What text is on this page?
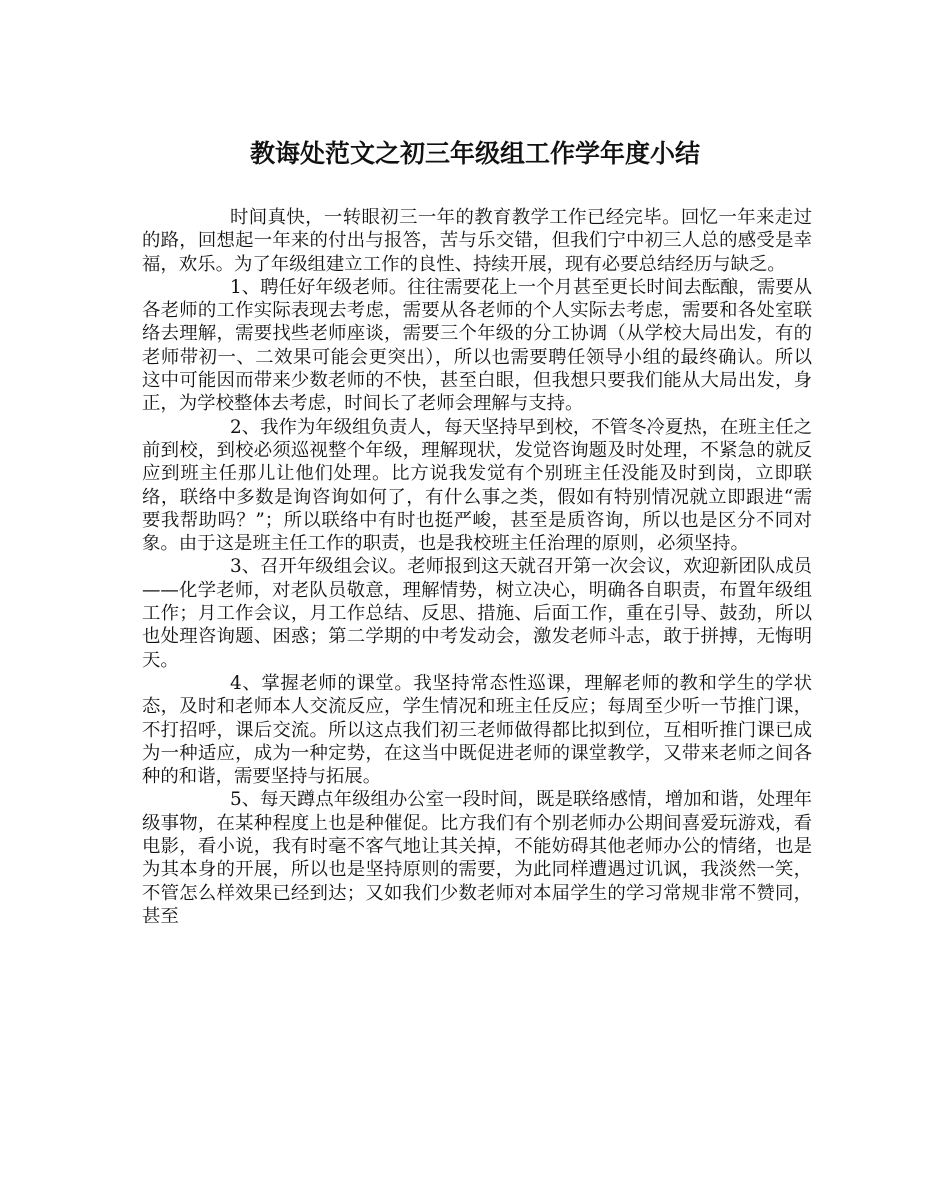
教诲处范文之初三年级组工作学年度小结

时间真快，一转眼初三一年的教育教学工作已经完毕。回忆一年来走过的路，回想起一年来的付出与报答，苦与乐交错，但我们宁中初三人总的感受是幸福，欢乐。为了年级组建立工作的良性、持续开展，现有必要总结经历与缺乏。

1、聘任好年级老师。往往需要花上一个月甚至更长时间去酝酿，需要从各老师的工作实际表现去考虑，需要从各老师的个人实际去考虑，需要和各处室联络去理解，需要找些老师座谈，需要三个年级的分工协调（从学校大局出发，有的老师带初一、二效果可能会更突出），所以也需要聘任领导小组的最终确认。所以这中可能因而带来少数老师的不快，甚至白眼，但我想只要我们能从大局出发，身正，为学校整体去考虑，时间长了老师会理解与支持。

2、我作为年级组负责人，每天坚持早到校，不管冬冷夏热，在班主任之前到校，到校必须巡视整个年级，理解现状，发觉咨询题及时处理，不紧急的就反应到班主任那儿让他们处理。比方说我发觉有个别班主任没能及时到岗，立即联络，联络中多数是询咨询如何了，有什么事之类，假如有特别情况就立即跟进“需要我帮助吗？”；所以联络中有时也挺严峻，甚至是质咨询，所以也是区分不同对象。由于这是班主任工作的职责，也是我校班主任治理的原则，必须坚持。

3、召开年级组会议。老师报到这天就召开第一次会议，欢迎新团队成员——化学老师，对老队员敬意，理解情势，树立决心，明确各自职责，布置年级组工作；月工作会议，月工作总结、反思、措施、后面工作，重在引导、鼓劲，所以也处理咨询题、困惑；第二学期的中考发动会，激发老师斗志，敢于拼搏，无悔明天。

4、掌握老师的课堂。我坚持常态性巡课，理解老师的教和学生的学状态，及时和老师本人交流反应，学生情况和班主任反应；每周至少听一节推门课，不打招呼，课后交流。所以这点我们初三老师做得都比拟到位，互相听推门课已成为一种适应，成为一种定势，在这当中既促进老师的课堂教学，又带来老师之间各种的和谐，需要坚持与拓展。

5、每天蹲点年级组办公室一段时间，既是联络感情，增加和谐，处理年级事物，在某种程度上也是种催促。比方我们有个别老师办公期间喜爱玩游戏，看电影，看小说，我有时毫不客气地让其关掉，不能妨碍其他老师办公的情绪，也是为其本身的开展，所以也是坚持原则的需要，为此同样遭遇过讥讽，我淡然一笑，不管怎么样效果已经到达；又如我们少数老师对本届学生的学习常规非常不赞同，甚至
